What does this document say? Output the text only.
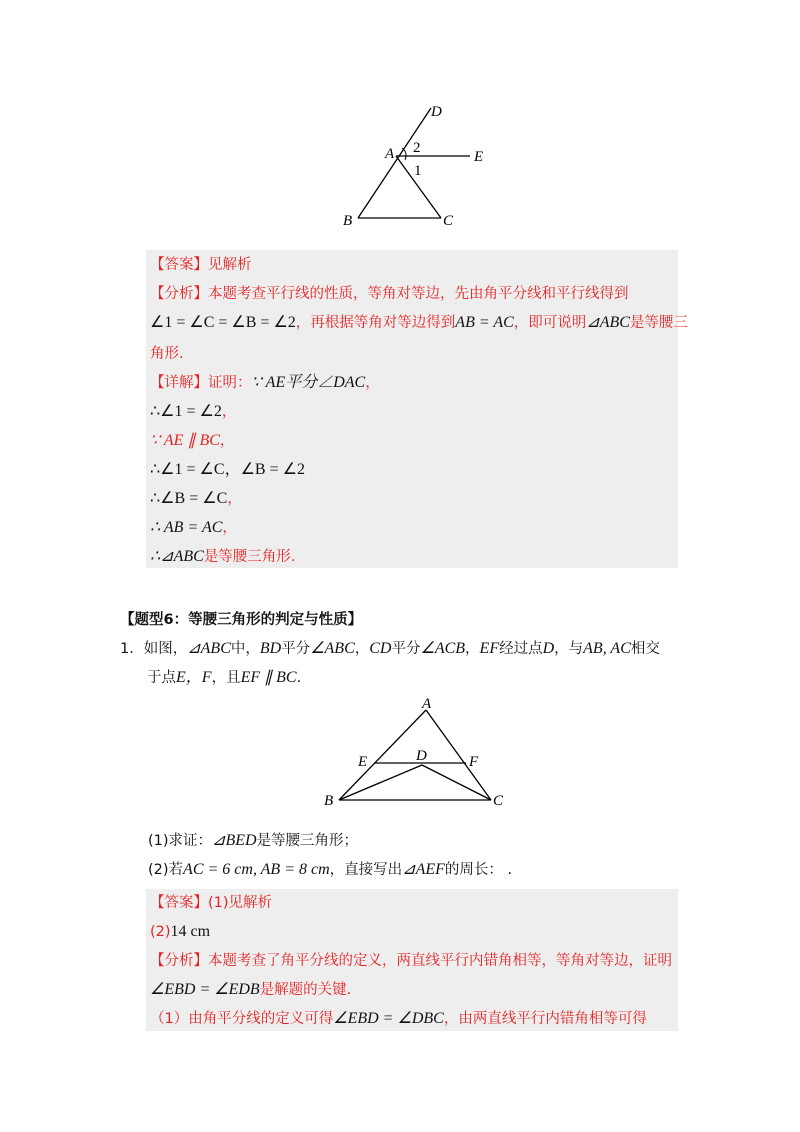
D
A 2
1
E
B	C
【答案】见解析
【分析】本题考查平行线的性质，等角对等边，先由角平分线和平行线得到
∠1 = ∠C = ∠B = ∠2，再根据等角对等边得到AB = AC，即可说明⊿ABC是等腰三
角形.
【详解】证明：∵ AE平分∠DAC，
∴∠1 = ∠2，
∵ AE ∥ BC，
∴∠1 = ∠C，∠B = ∠2
∴∠B = ∠C，
∴ AB = AC，
∴⊿ABC是等腰三角形.
【题型6：等腰三角形的判定与性质】
1．如图，⊿ABC中，BD平分∠ABC，CD平分∠ACB，EF经过点D，与AB, AC相交
于点E，F，且EF ∥ BC.
A
D
E	F
B	C
(1)求证：⊿BED是等腰三角形；
(2)若AC = 6 cm, AB = 8 cm，直接写出⊿AEF的周长： .
【答案】(1)见解析
(2)14 cm
【分析】本题考查了角平分线的定义，两直线平行内错角相等，等角对等边，证明
∠EBD = ∠EDB是解题的关键.
（1）由角平分线的定义可得∠EBD = ∠DBC，由两直线平行内错角相等可得
